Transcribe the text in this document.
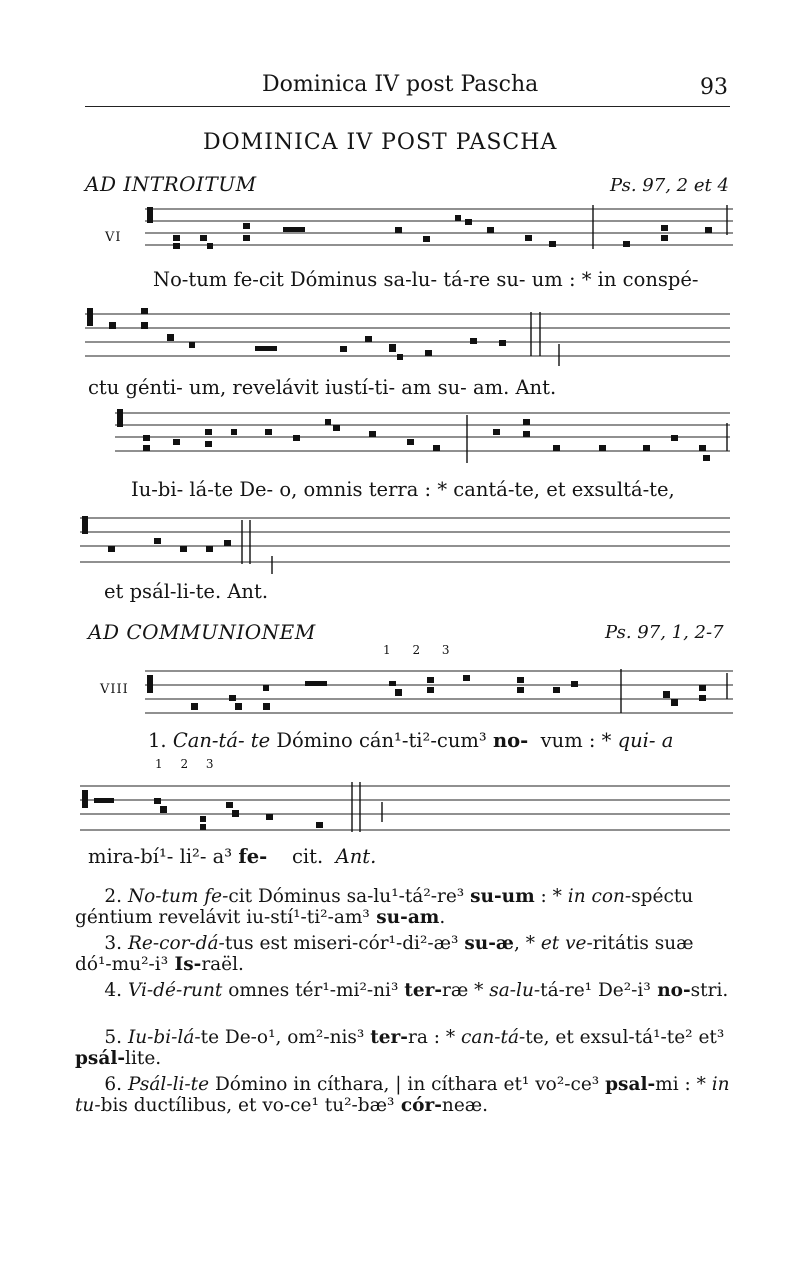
Dominica IV post Pascha	93
DOMINICA IV POST PASCHA
AD INTROITUM	Ps. 97, 2 et 4
VI
No-tum fe-cit Dóminus sa-lu- tá-re su- um : * in conspé-
ctu génti- um, revelávit iustí-ti- am su- am. Ant.
Iu-bi- lá-te De- o, omnis terra : * cantá-te, et exsultá-te,
et psál-li-te. Ant.
AD COMMUNIONEM	Ps. 97, 1, 2-7
1 2 3
VIII
1. Can-tá- te Dómino cán¹-ti²-cum³ no- vum : * qui- a
1 2 3
mira-bí¹- li²- a³ fe- cit. Ant.
2. No-tum fe-cit Dóminus sa-lu¹-tá²-re³ su-um : * in con-spéctu géntium revelávit iu-stí¹-ti²-am³ su-am.
3. Re-cor-dá-tus est miseri-cór¹-di²-æ³ su-æ, * et ve-ritátis suæ dó¹-mu²-i³ Is-raël.
4. Vi-dé-runt omnes tér¹-mi²-ni³ ter-ræ * sa-lu-tá-re¹ De²-i³ no-stri.
5. Iu-bi-lá-te De-o¹, om²-nis³ ter-ra : * can-tá-te, et exsul-tá¹-te² et³ psál-lite.
6. Psál-li-te Dómino in cíthara, | in cíthara et¹ vo²-ce³ psal-mi : * in tu-bis ductílibus, et vo-ce¹ tu²-bæ³ cór-neæ.
